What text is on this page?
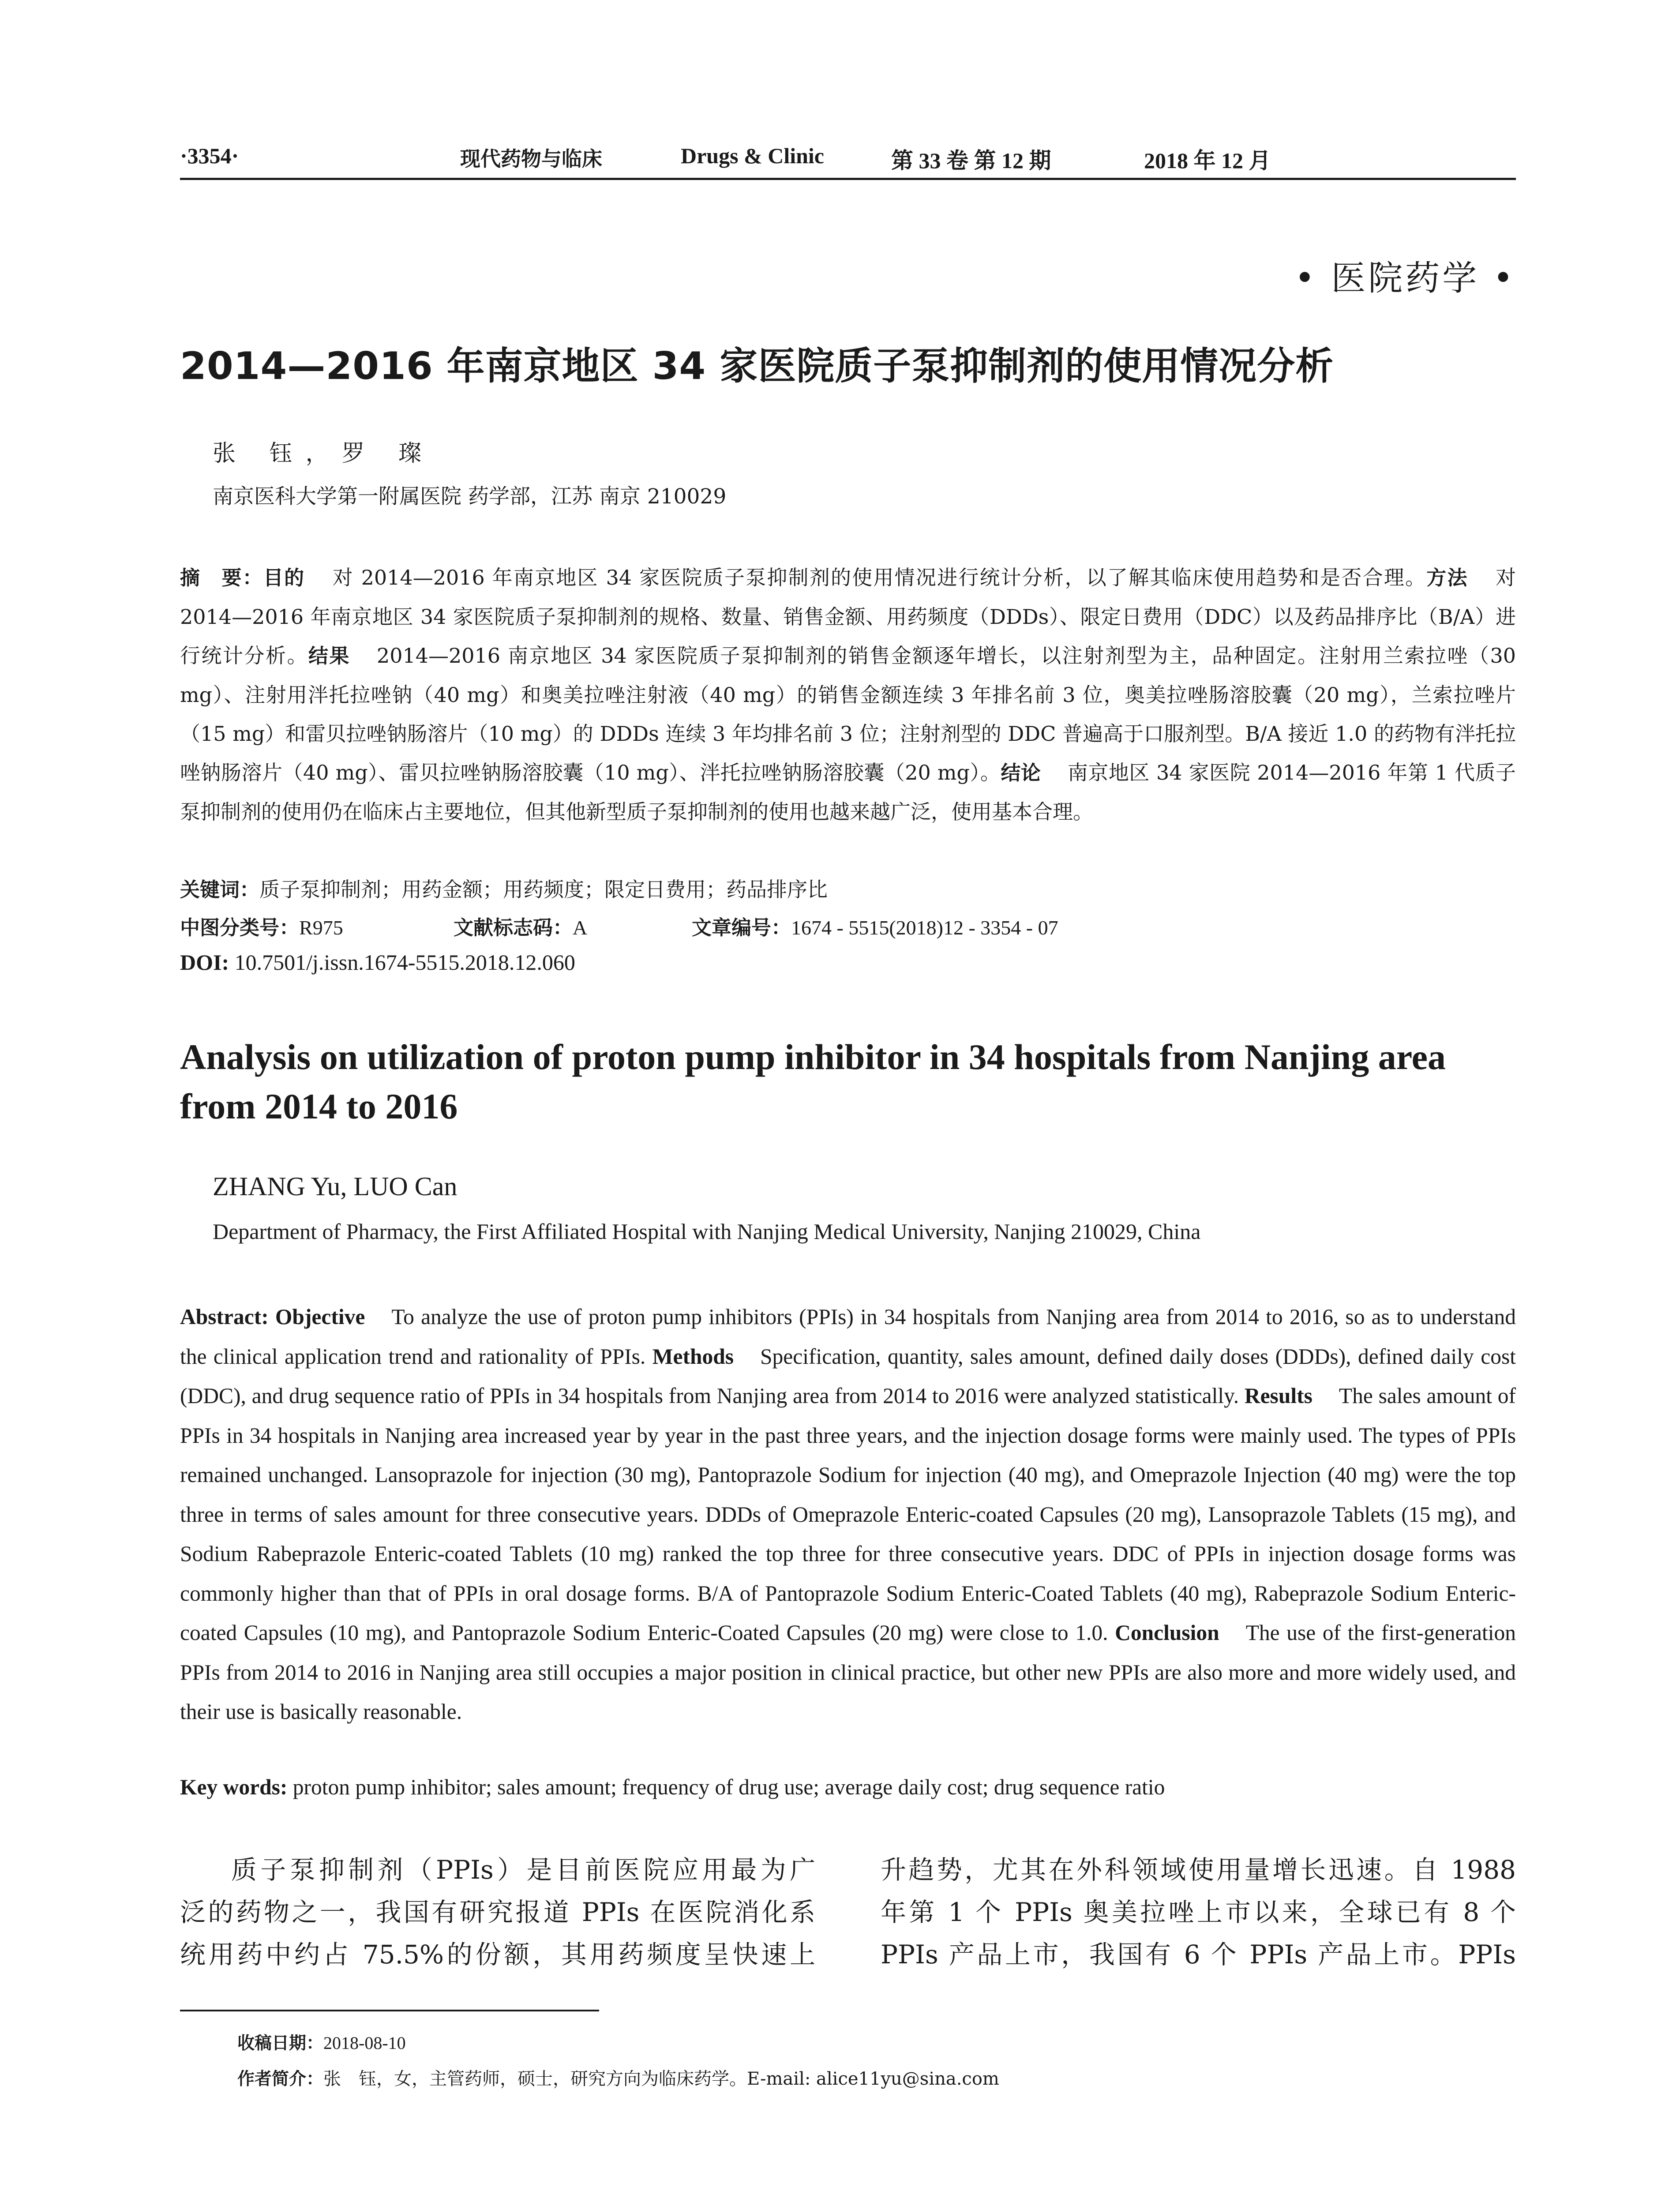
·3354·	现代药物与临床	Drugs & Clinic	第 33 卷 第 12 期	2018 年 12 月
• 医院药学 •
2014—2016 年南京地区 34 家医院质子泵抑制剂的使用情况分析
张 钰，罗 璨
南京医科大学第一附属医院 药学部，江苏 南京 210029
摘　要：目的 对 2014—2016 年南京地区 34 家医院质子泵抑制剂的使用情况进行统计分析，以了解其临床使用趋势和是否合理。方法 对 2014—2016 年南京地区 34 家医院质子泵抑制剂的规格、数量、销售金额、用药频度（DDDs）、限定日费用（DDC）以及药品排序比（B/A）进行统计分析。结果 2014—2016 南京地区 34 家医院质子泵抑制剂的销售金额逐年增长，以注射剂型为主，品种固定。注射用兰索拉唑（30 mg）、注射用泮托拉唑钠（40 mg）和奥美拉唑注射液（40 mg）的销售金额连续 3 年排名前 3 位，奥美拉唑肠溶胶囊（20 mg），兰索拉唑片（15 mg）和雷贝拉唑钠肠溶片（10 mg）的 DDDs 连续 3 年均排名前 3 位；注射剂型的 DDC 普遍高于口服剂型。B/A 接近 1.0 的药物有泮托拉唑钠肠溶片（40 mg）、雷贝拉唑钠肠溶胶囊（10 mg）、泮托拉唑钠肠溶胶囊（20 mg）。结论 南京地区 34 家医院 2014—2016 年第 1 代质子泵抑制剂的使用仍在临床占主要地位，但其他新型质子泵抑制剂的使用也越来越广泛，使用基本合理。
关键词：质子泵抑制剂；用药金额；用药频度；限定日费用；药品排序比
中图分类号：R975	文献标志码：A	文章编号：1674 - 5515(2018)12 - 3354 - 07
DOI: 10.7501/j.issn.1674-5515.2018.12.060
Analysis on utilization of proton pump inhibitor in 34 hospitals from Nanjing area from 2014 to 2016
ZHANG Yu, LUO Can
Department of Pharmacy, the First Affiliated Hospital with Nanjing Medical University, Nanjing 210029, China
Abstract: Objective To analyze the use of proton pump inhibitors (PPIs) in 34 hospitals from Nanjing area from 2014 to 2016, so as to understand the clinical application trend and rationality of PPIs. Methods Specification, quantity, sales amount, defined daily doses (DDDs), defined daily cost (DDC), and drug sequence ratio of PPIs in 34 hospitals from Nanjing area from 2014 to 2016 were analyzed statistically. Results The sales amount of PPIs in 34 hospitals in Nanjing area increased year by year in the past three years, and the injection dosage forms were mainly used. The types of PPIs remained unchanged. Lansoprazole for injection (30 mg), Pantoprazole Sodium for injection (40 mg), and Omeprazole Injection (40 mg) were the top three in terms of sales amount for three consecutive years. DDDs of Omeprazole Enteric-coated Capsules (20 mg), Lansoprazole Tablets (15 mg), and Sodium Rabeprazole Enteric-coated Tablets (10 mg) ranked the top three for three consecutive years. DDC of PPIs in injection dosage forms was commonly higher than that of PPIs in oral dosage forms. B/A of Pantoprazole Sodium Enteric-Coated Tablets (40 mg), Rabeprazole Sodium Enteric-coated Capsules (10 mg), and Pantoprazole Sodium Enteric-Coated Capsules (20 mg) were close to 1.0. Conclusion The use of the first-generation PPIs from 2014 to 2016 in Nanjing area still occupies a major position in clinical practice, but other new PPIs are also more and more widely used, and their use is basically reasonable.
Key words: proton pump inhibitor; sales amount; frequency of drug use; average daily cost; drug sequence ratio
质子泵抑制剂（PPIs）是目前医院应用最为广
泛的药物之一，我国有研究报道 PPIs 在医院消化系
统用药中约占 75.5%的份额，其用药频度呈快速上
升趋势，尤其在外科领域使用量增长迅速。自 1988
年第 1 个 PPIs 奥美拉唑上市以来，全球已有 8 个
PPIs 产品上市，我国有 6 个 PPIs 产品上市。PPIs
收稿日期：2018-08-10
作者简介：张　钰，女，主管药师，硕士，研究方向为临床药学。E-mail: alice11yu@sina.com
